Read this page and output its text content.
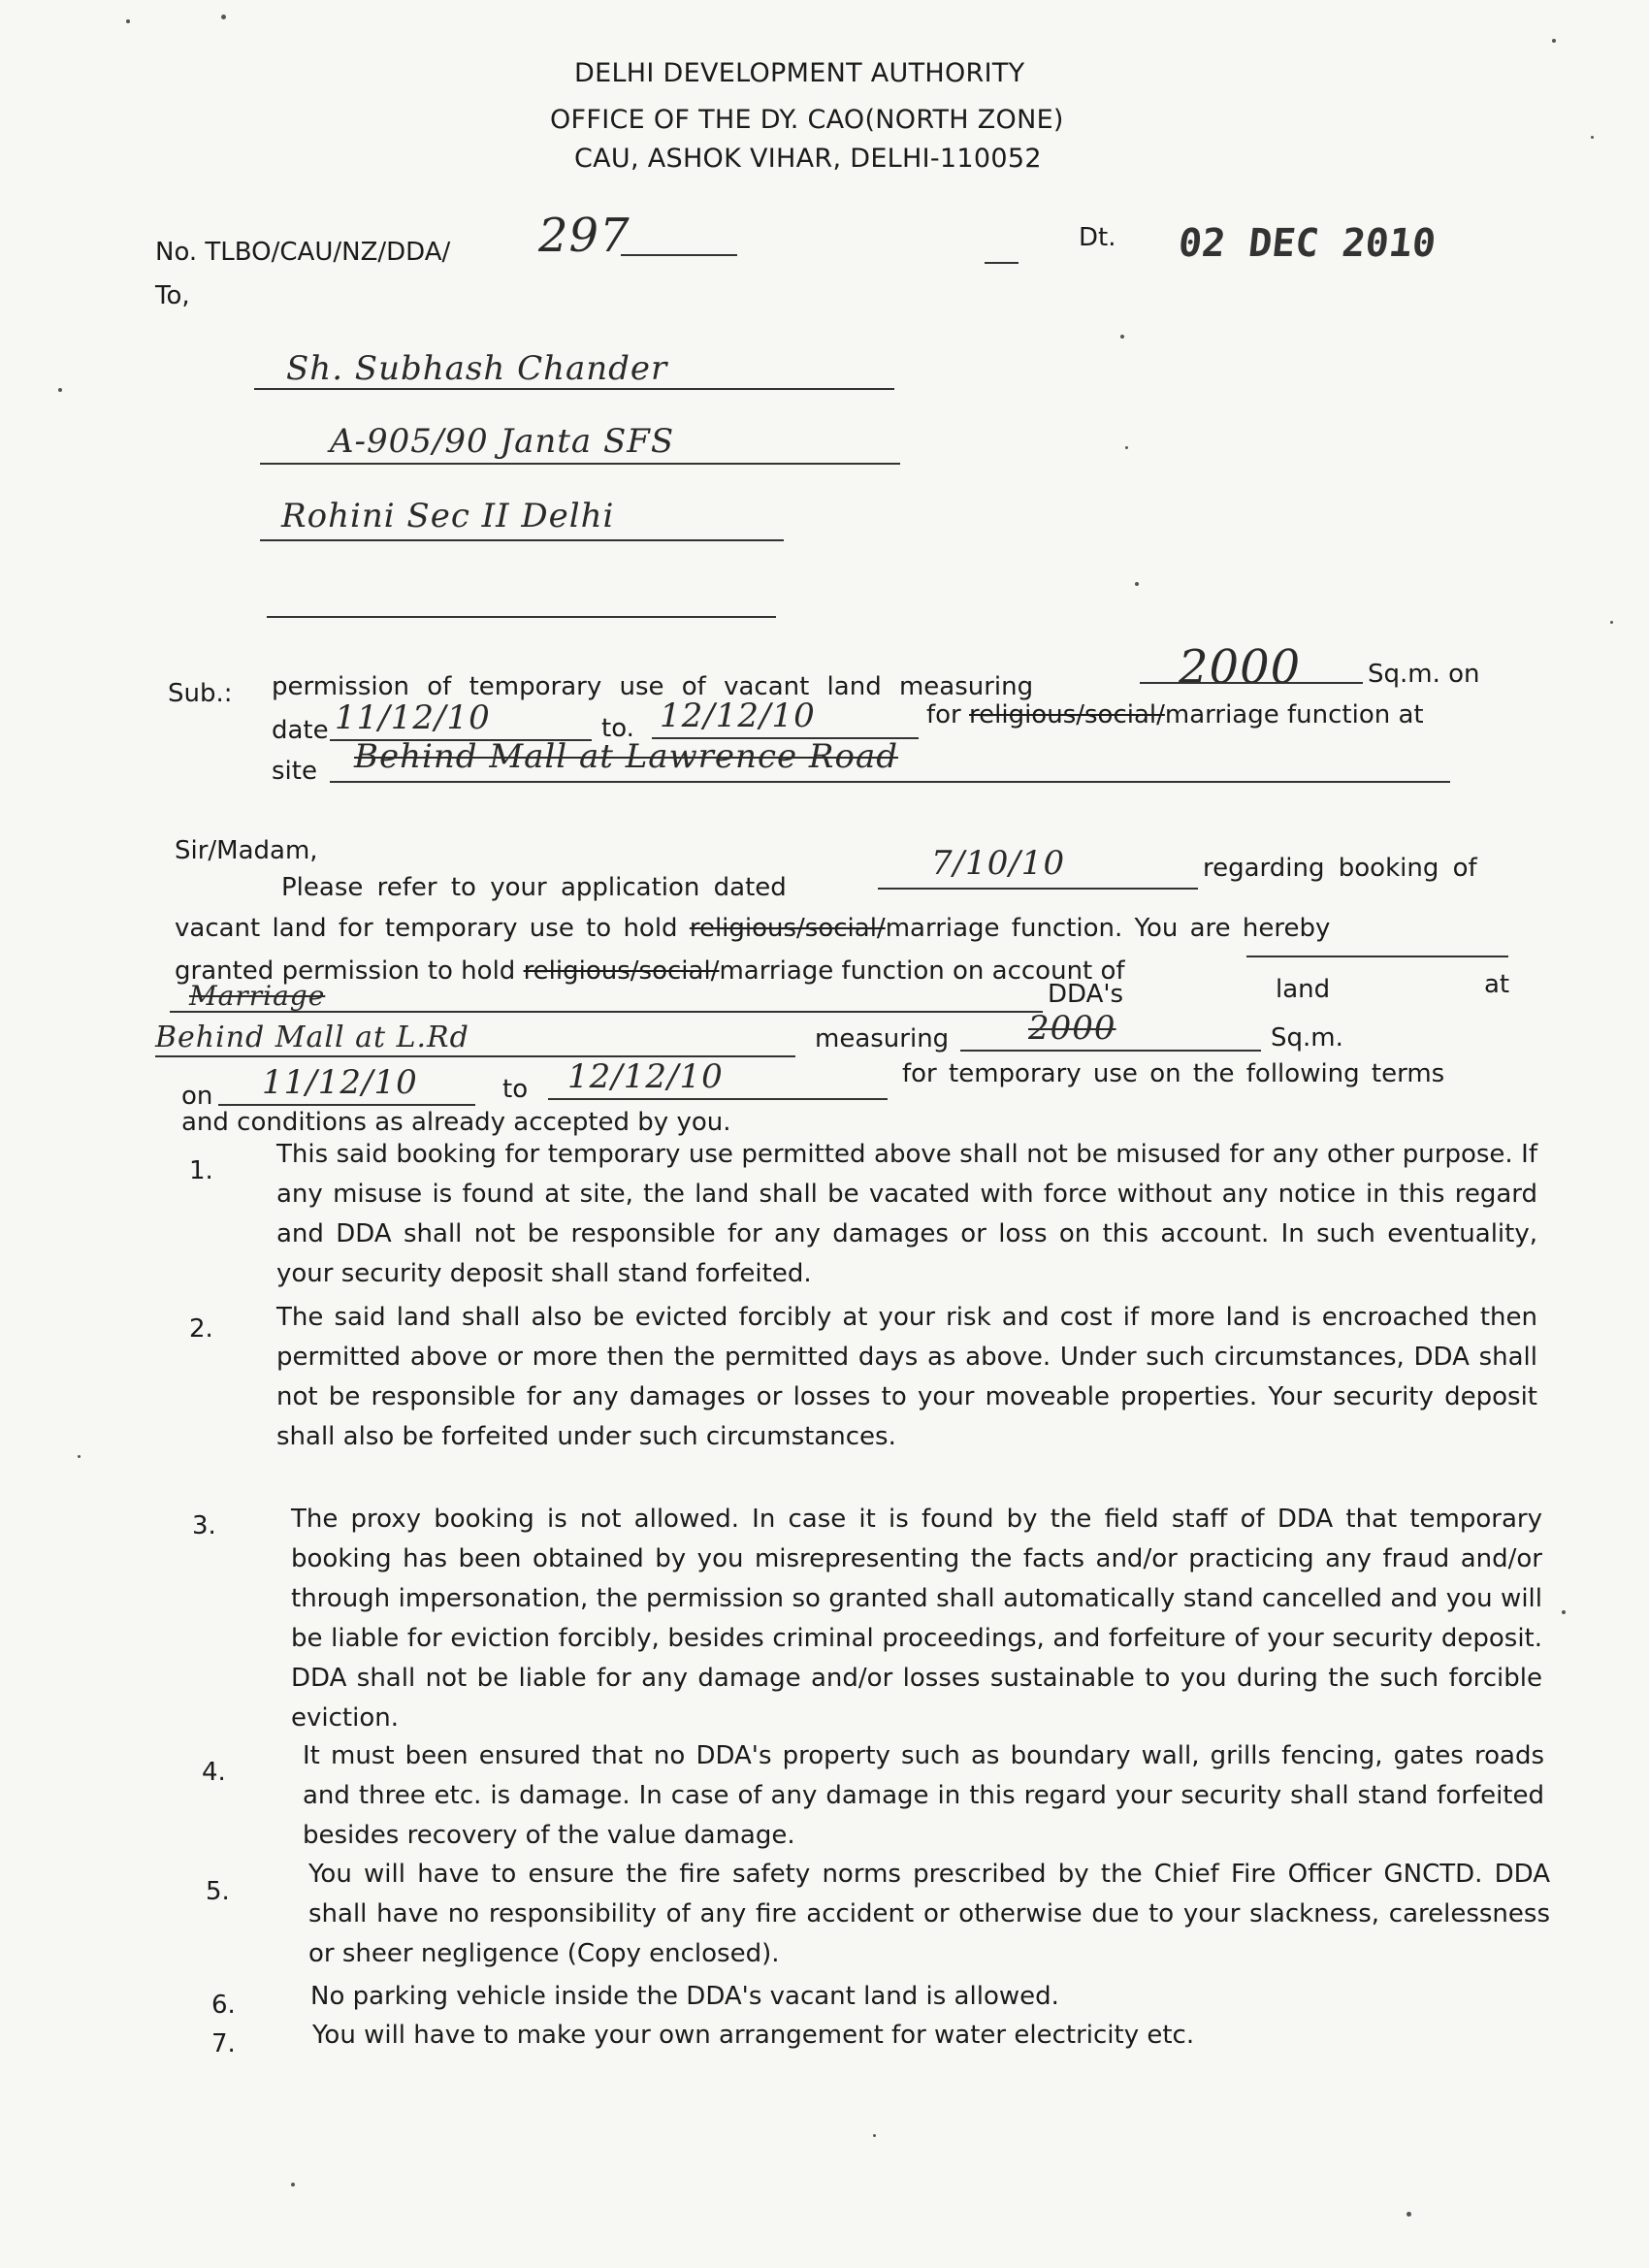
DELHI DEVELOPMENT AUTHORITY
OFFICE OF THE DY. CAO(NORTH ZONE)
CAU, ASHOK VIHAR, DELHI-110052
No. TLBO/CAU/NZ/DDA/ 297	Dt. 02 DEC 2010
To,
Sh. Subhash Chander
A-905/90 Janta SFS
Rohini Sec II Delhi
Sub.: permission of temporary use of vacant land measuring	2000	Sq.m. on
date 11/12/10	to. 12/12/10	for religious/social/marriage function at
site Behind Mall at Lawrence Road
Sir/Madam,
Please refer to your application dated
7/10/10	regarding booking of
vacant land for temporary use to hold religious/social/marriage function. You are hereby
granted permission to hold religious/social/marriage function on account of
Marriage	DDA's	land	at
Behind Mall at L.Rd	measuring 2000	Sq.m.
on 11/12/10	to 12/12/10	for temporary use on the following terms
and conditions as already accepted by you.
1.
This said booking for temporary use permitted above shall not be misused for any other purpose. If any misuse is found at site, the land shall be vacated with force without any notice in this regard and DDA shall not be responsible for any damages or loss on this account. In such eventuality, your security deposit shall stand forfeited.
2.	The said land shall also be evicted forcibly at your risk and cost if more land is encroached then permitted above or more then the permitted days as above. Under such circumstances, DDA shall not be responsible for any damages or losses to your moveable properties. Your security deposit shall also be forfeited under such circumstances.
3.	The proxy booking is not allowed. In case it is found by the field staff of DDA that temporary booking has been obtained by you misrepresenting the facts and/or practicing any fraud and/or through impersonation, the permission so granted shall automatically stand cancelled and you will be liable for eviction forcibly, besides criminal proceedings, and forfeiture of your security deposit. DDA shall not be liable for any damage and/or losses sustainable to you during the such forcible eviction.
4.
It must been ensured that no DDA's property such as boundary wall, grills fencing, gates roads and three etc. is damage. In case of any damage in this regard your security shall stand forfeited besides recovery of the value damage.
5.
You will have to ensure the fire safety norms prescribed by the Chief Fire Officer GNCTD. DDA shall have no responsibility of any fire accident or otherwise due to your slackness, carelessness or sheer negligence (Copy enclosed).
6.	No parking vehicle inside the DDA's vacant land is allowed.
7.	You will have to make your own arrangement for water electricity etc.
